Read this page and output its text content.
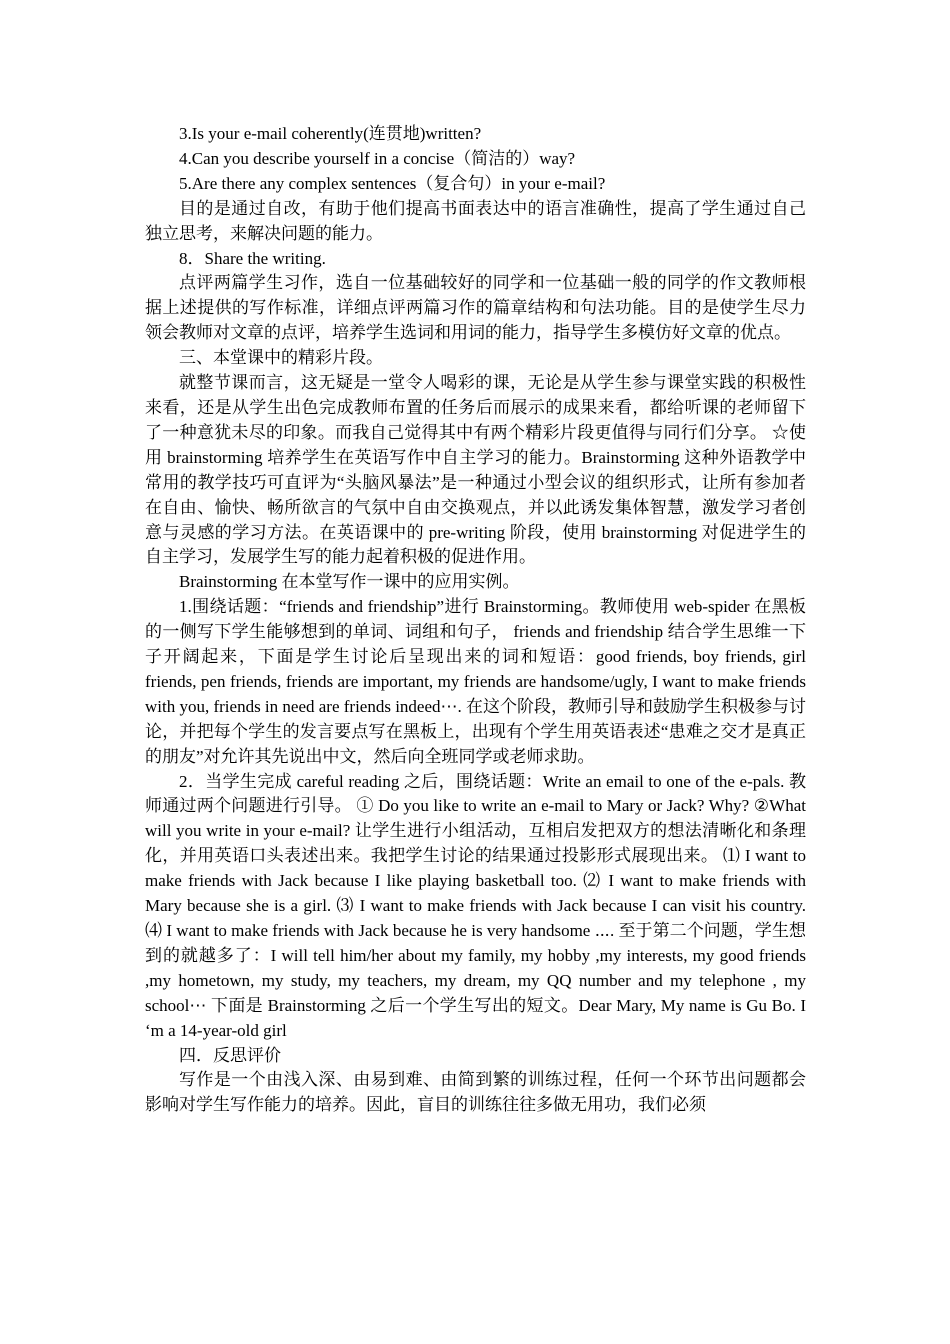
3.Is your e-mail coherently(连贯地)written?

4.Can you describe yourself in a concise（简洁的）way?

5.Are there any complex sentences（复合句）in your e-mail?

目的是通过自改，有助于他们提高书面表达中的语言准确性，提高了学生通过自己独立思考，来解决问题的能力。

8．Share the writing.

点评两篇学生习作，选自一位基础较好的同学和一位基础一般的同学的作文教师根据上述提供的写作标准，详细点评两篇习作的篇章结构和句法功能。目的是使学生尽力领会教师对文章的点评，培养学生选词和用词的能力，指导学生多模仿好文章的优点。

三、本堂课中的精彩片段。

就整节课而言，这无疑是一堂令人喝彩的课，无论是从学生参与课堂实践的积极性来看，还是从学生出色完成教师布置的任务后而展示的成果来看，都给听课的老师留下了一种意犹未尽的印象。而我自己觉得其中有两个精彩片段更值得与同行们分享。 ☆使用 brainstorming 培养学生在英语写作中自主学习的能力。Brainstorming 这种外语教学中常用的教学技巧可直评为“头脑风暴法”是一种通过小型会议的组织形式，让所有参加者在自由、愉快、畅所欲言的气氛中自由交换观点，并以此诱发集体智慧，激发学习者创意与灵感的学习方法。在英语课中的 pre-writing 阶段，使用 brainstorming 对促进学生的自主学习，发展学生写的能力起着积极的促进作用。

Brainstorming 在本堂写作一课中的应用实例。

1.围绕话题：“friends and friendship”进行 Brainstorming。教师使用 web-spider 在黑板的一侧写下学生能够想到的单词、词组和句子， friends and friendship 结合学生思维一下子开阔起来，下面是学生讨论后呈现出来的词和短语：good friends, boy friends, girl friends, pen friends, friends are important, my friends are handsome/ugly, I want to make friends with you, friends in need are friends indeed⋯. 在这个阶段，教师引导和鼓励学生积极参与讨论，并把每个学生的发言要点写在黑板上，出现有个学生用英语表述“患难之交才是真正的朋友”对允许其先说出中文，然后向全班同学或老师求助。

2．当学生完成 careful reading 之后，围绕话题：Write an email to one of the e-pals. 教师通过两个问题进行引导。 ① Do you like to write an e-mail to Mary or Jack? Why? ②What will you write in your e-mail? 让学生进行小组活动，互相启发把双方的想法清晰化和条理化，并用英语口头表述出来。我把学生讨论的结果通过投影形式展现出来。 ⑴ I want to make friends with Jack because I like playing basketball too. ⑵ I want to make friends with Mary because she is a girl. ⑶ I want to make friends with Jack because I can visit his country. ⑷ I want to make friends with Jack because he is very handsome ⋯. 至于第二个问题，学生想到的就越多了：I will tell him/her about my family, my hobby ,my interests, my good friends ,my hometown, my study, my teachers, my dream, my QQ number and my telephone , my school⋯ 下面是 Brainstorming 之后一个学生写出的短文。Dear Mary, My name is Gu Bo. I ‘m a 14-year-old girl

四．反思评价

写作是一个由浅入深、由易到难、由简到繁的训练过程，任何一个环节出问题都会影响对学生写作能力的培养。因此，盲目的训练往往多做无用功，我们必须
